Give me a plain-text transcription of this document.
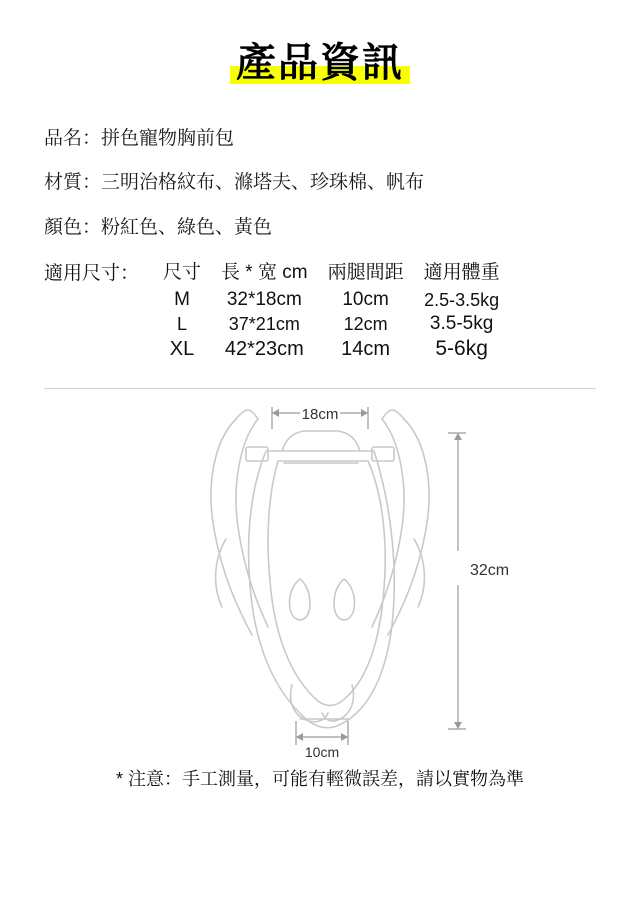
產品資訊
品名：拼色寵物胸前包
材質：三明治格紋布、滌塔夫、珍珠棉、帆布
顏色：粉紅色、綠色、黃色
適用尺寸： 尺寸	長 * 宽 cm	兩腿間距	適用體重
M	32*18cm	10cm	2.5-3.5kg
L	37*21cm	12cm	3.5-5kg
XL	42*23cm	14cm	5-6kg
18cm
32cm
10cm
* 注意：手工測量，可能有輕微誤差，請以實物為準
